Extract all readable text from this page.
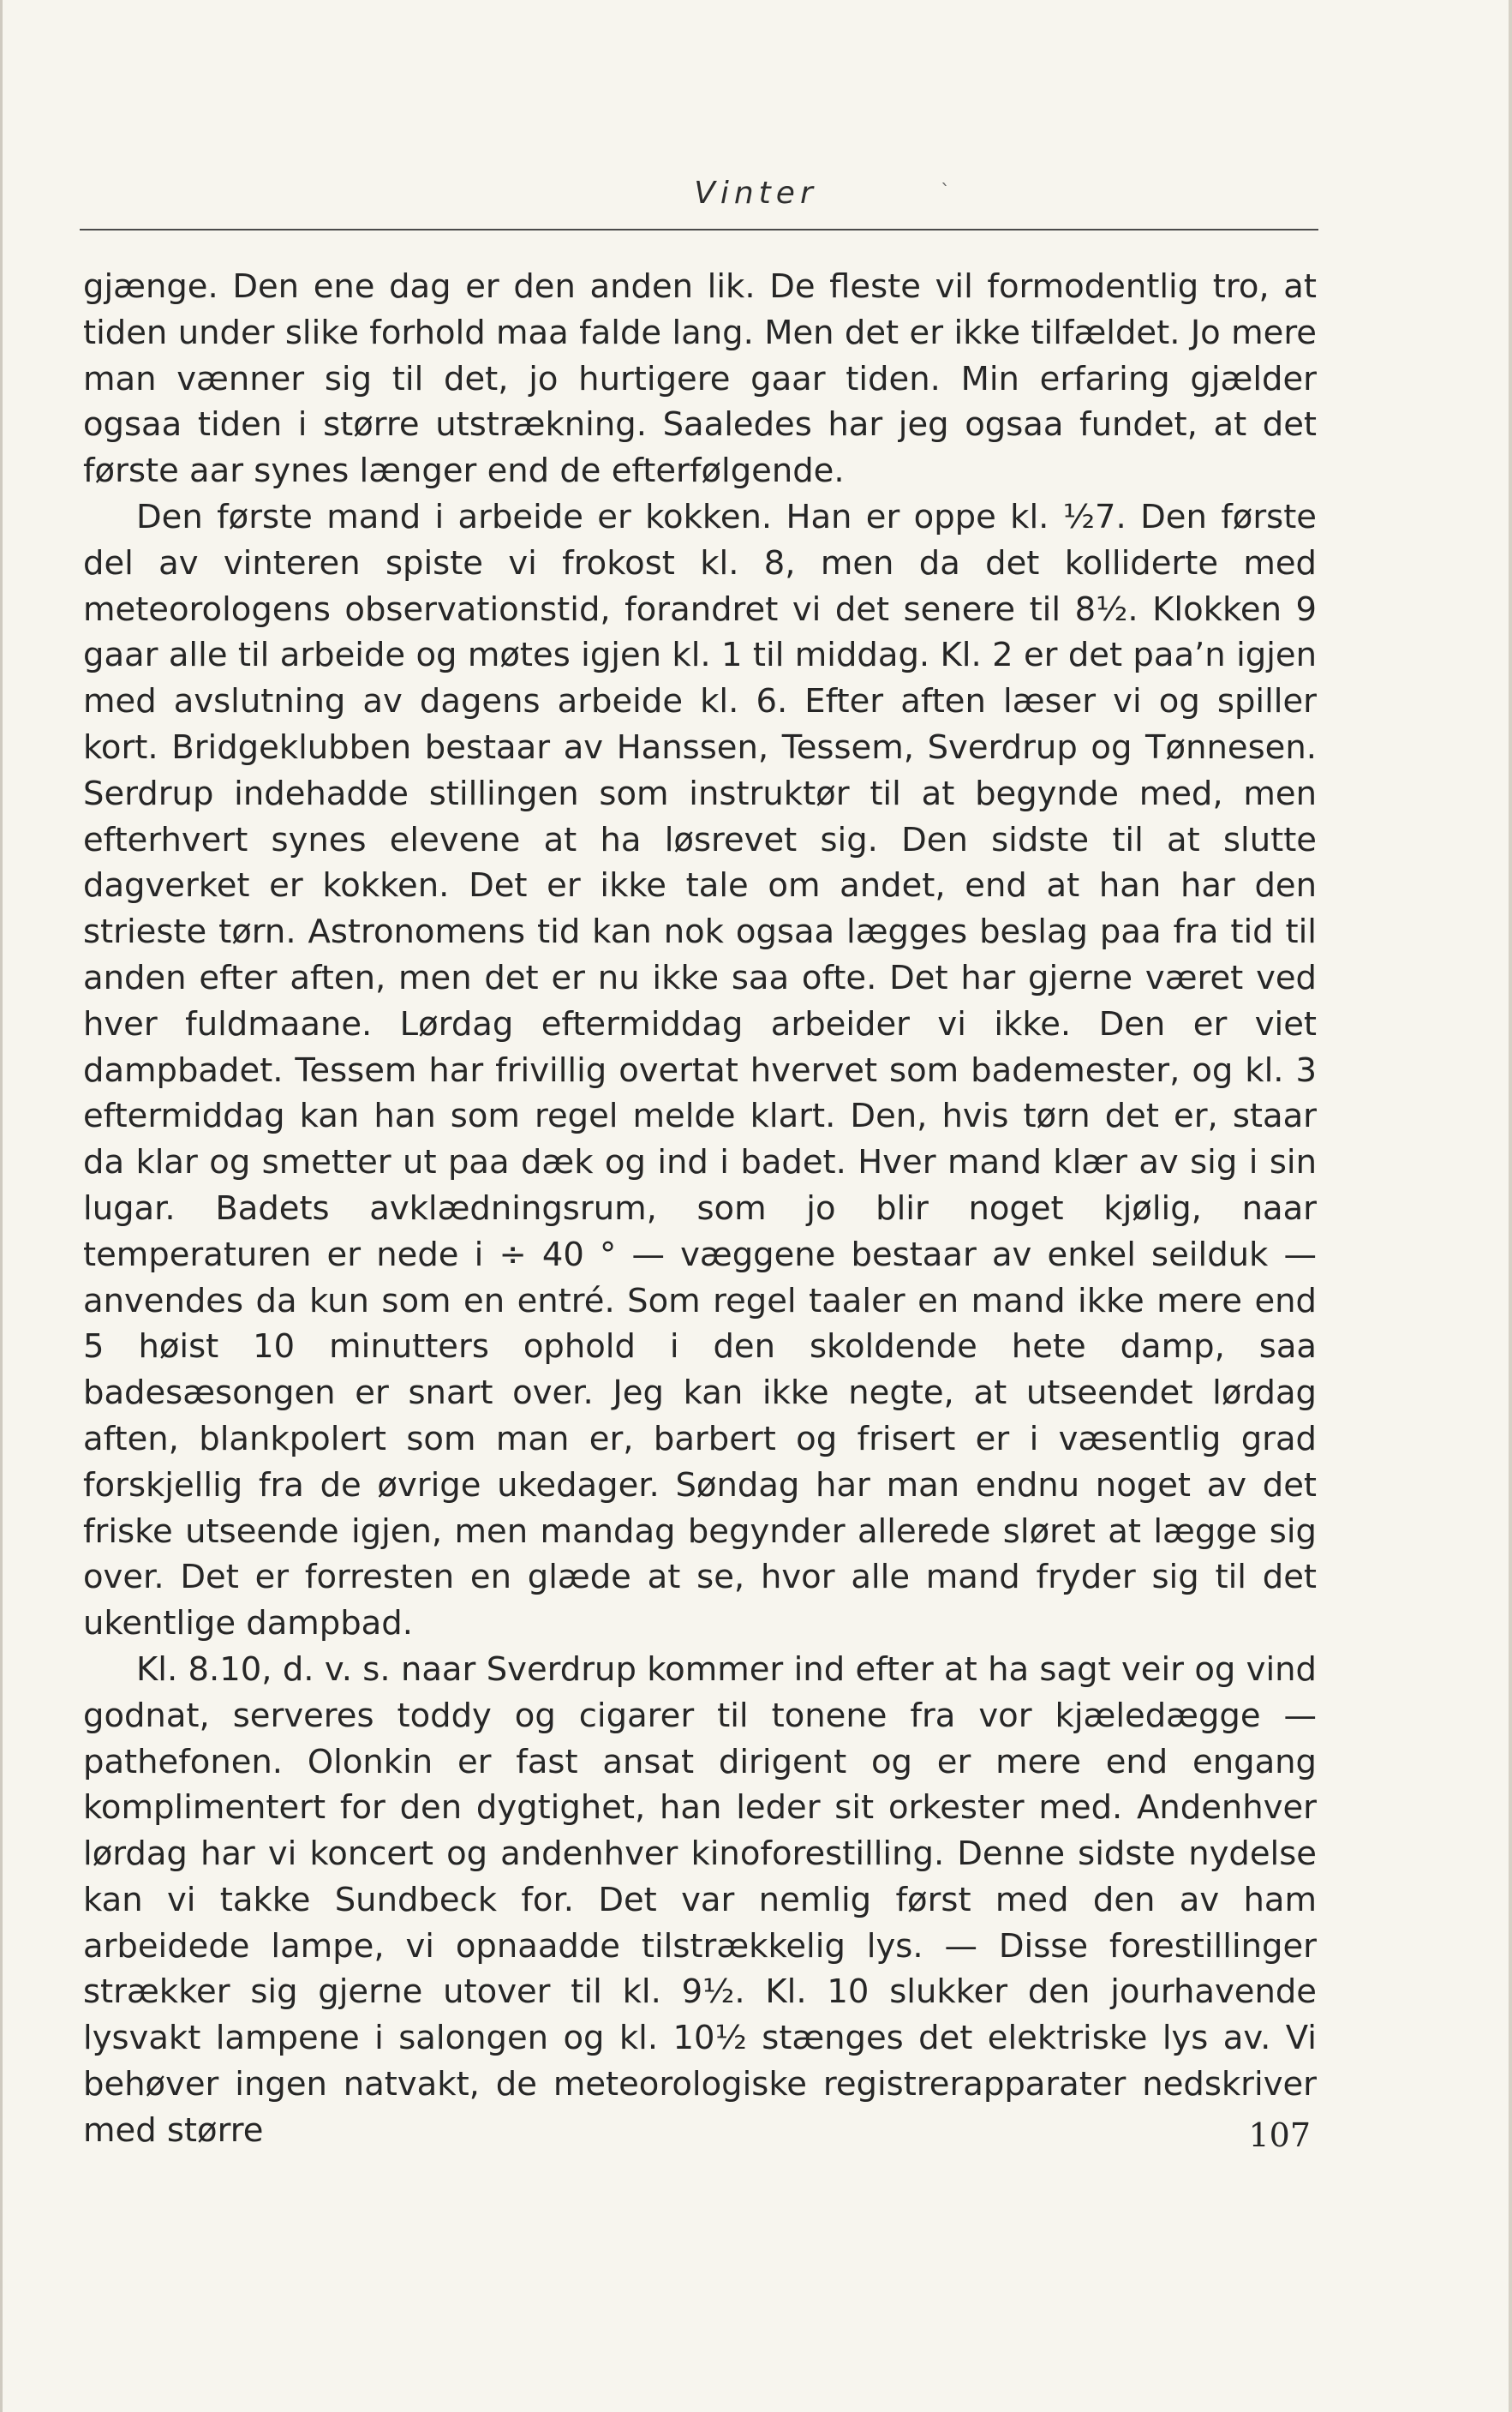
Vinter	`

gjænge. Den ene dag er den anden lik. De fleste vil formodentlig tro, at tiden under slike forhold maa falde lang. Men det er ikke tilfældet. Jo mere man vænner sig til det, jo hurtigere gaar tiden. Min erfaring gjælder ogsaa tiden i større utstrækning. Saaledes har jeg ogsaa fundet, at det første aar synes længer end de efterfølgende.

Den første mand i arbeide er kokken. Han er oppe kl. ½7. Den første del av vinteren spiste vi frokost kl. 8, men da det kolliderte med meteorologens observationstid, forandret vi det senere til 8½. Klokken 9 gaar alle til arbeide og møtes igjen kl. 1 til middag. Kl. 2 er det paa’n igjen med avslutning av dagens arbeide kl. 6. Efter aften læser vi og spiller kort. Bridgeklubben bestaar av Hanssen, Tessem, Sverdrup og Tønnesen. Serdrup indehadde stillingen som instruktør til at begynde med, men efterhvert synes elevene at ha løsrevet sig. Den sidste til at slutte dagverket er kokken. Det er ikke tale om andet, end at han har den strieste tørn. Astronomens tid kan nok ogsaa lægges beslag paa fra tid til anden efter aften, men det er nu ikke saa ofte. Det har gjerne været ved hver fuldmaane. Lørdag eftermiddag arbeider vi ikke. Den er viet dampbadet. Tessem har frivillig overtat hvervet som bademester, og kl. 3 eftermiddag kan han som regel melde klart. Den, hvis tørn det er, staar da klar og smetter ut paa dæk og ind i badet. Hver mand klær av sig i sin lugar. Badets avklædningsrum, som jo blir noget kjølig, naar temperaturen er nede i ÷ 40 ° — væggene bestaar av enkel seilduk — anvendes da kun som en entré. Som regel taaler en mand ikke mere end 5 høist 10 minutters ophold i den skoldende hete damp, saa badesæsongen er snart over. Jeg kan ikke negte, at utseendet lørdag aften, blankpolert som man er, barbert og frisert er i væsentlig grad forskjellig fra de øvrige ukedager. Søndag har man endnu noget av det friske utseende igjen, men mandag begynder allerede sløret at lægge sig over. Det er forresten en glæde at se, hvor alle mand fryder sig til det ukentlige dampbad.

Kl. 8.10, d. v. s. naar Sverdrup kommer ind efter at ha sagt veir og vind godnat, serveres toddy og cigarer til tonene fra vor kjæledægge — pathefonen. Olonkin er fast ansat dirigent og er mere end engang komplimentert for den dygtighet, han leder sit orkester med. Andenhver lørdag har vi koncert og andenhver kinoforestilling. Denne sidste nydelse kan vi takke Sundbeck for. Det var nemlig først med den av ham arbeidede lampe, vi opnaadde tilstrækkelig lys. — Disse forestillinger strækker sig gjerne utover til kl. 9½. Kl. 10 slukker den jourhavende lysvakt lampene i salongen og kl. 10½ stænges det elektriske lys av. Vi behøver ingen natvakt, de meteorologiske registrerapparater nedskriver med større	107
